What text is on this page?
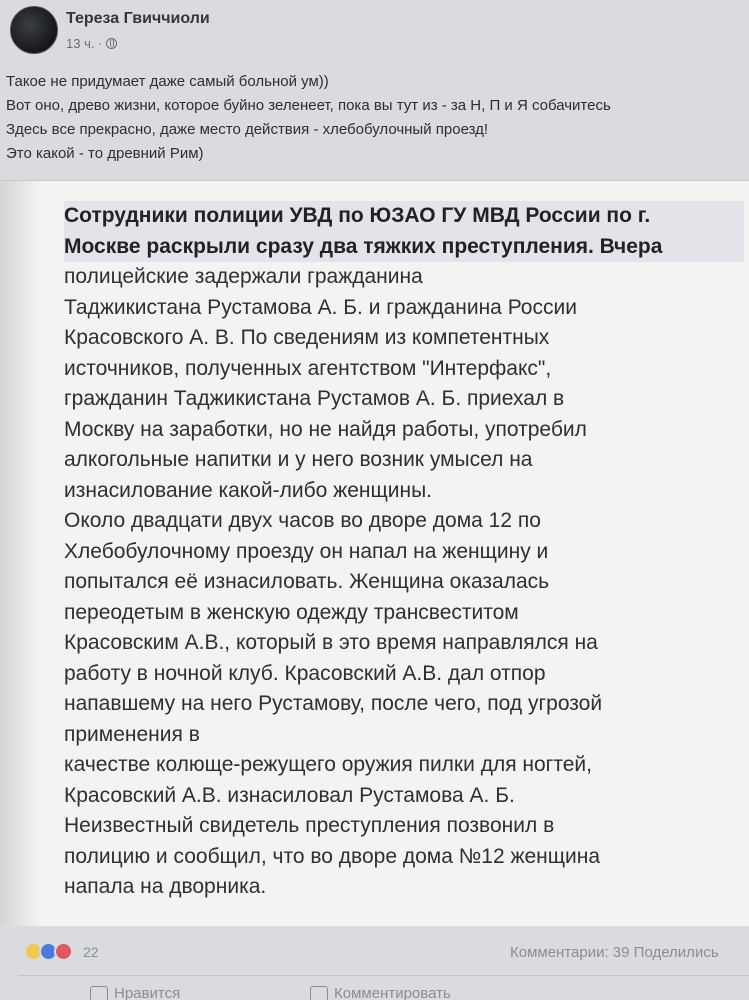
Тереза Гвиччиоли
13 ч. ·
Такое не придумает даже самый больной ум))
Вот оно, древо жизни, которое буйно зеленеет, пока вы тут из - за Н, П и Я собачитесь
Здесь все прекрасно, даже место действия - хлебобулочный проезд!
Это какой - то древний Рим)

Сотрудники полиции УВД по ЮЗАО ГУ МВД России по г.

Москве раскрыли сразу два тяжких преступления. Вчера

полицейские задержали гражданина

Таджикистана Рустамова А. Б. и гражданина России

Красовского А. В. По сведениям из компетентных

источников, полученных агентством "Интерфакс",

гражданин Таджикистана Рустамов А. Б. приехал в

Москву на заработки, но не найдя работы, употребил

алкогольные напитки и у него возник умысел на

изнасилование какой-либо женщины.

Около двадцати двух часов во дворе дома 12 по

Хлебобулочному проезду он напал на женщину и

попытался её изнасиловать. Женщина оказалась

переодетым в женскую одежду трансвеститом

Красовским А.В., который в это время направлялся на

работу в ночной клуб. Красовский А.В. дал отпор

напавшему на него Рустамову, после чего, под угрозой

применения в

качестве колюще-режущего оружия пилки для ногтей,

Красовский А.В. изнасиловал Рустамова А. Б.

Неизвестный свидетель преступления позвонил в

полицию и сообщил, что во дворе дома №12 женщина

напала на дворника.

22	Комментарии: 39 Поделились
Нравится	Комментировать
